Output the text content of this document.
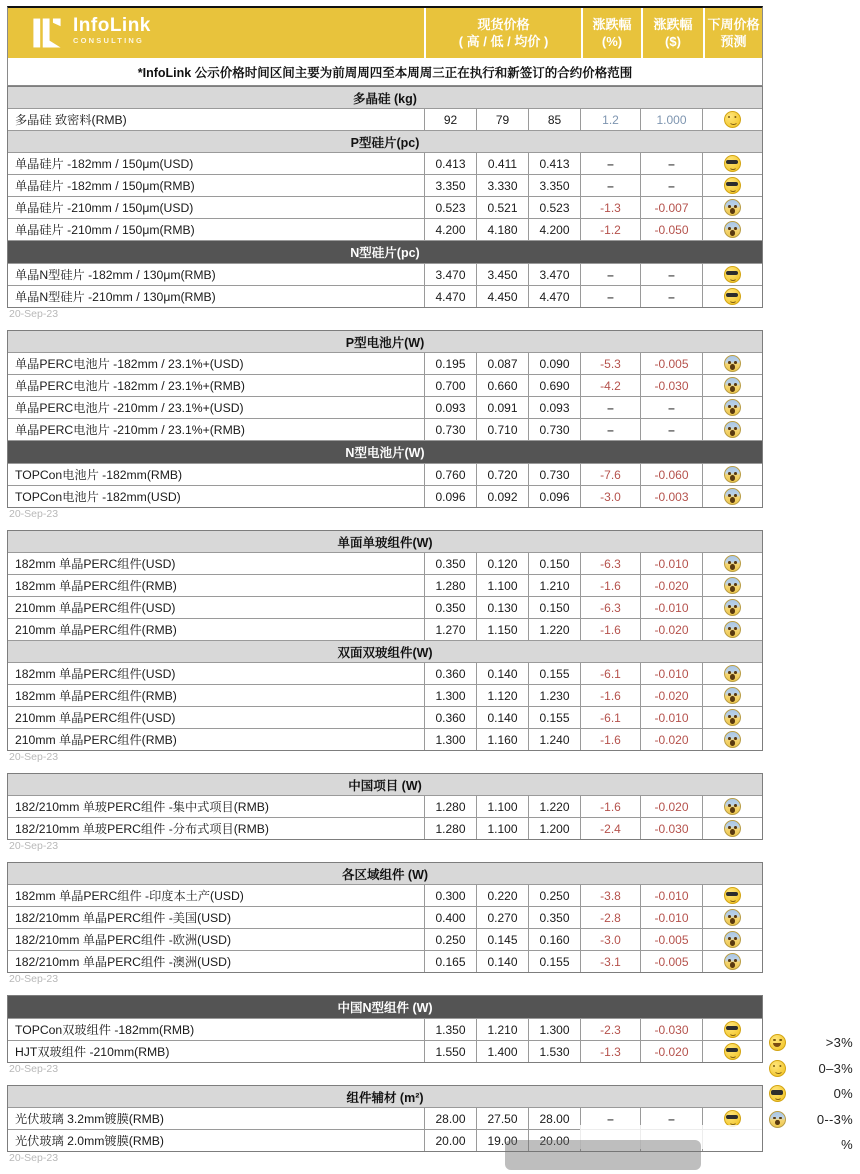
InfoLink
CONSULTING
现货价格
( 高 / 低 / 均价 )
涨跌幅
(%)
涨跌幅
($)
下周价格
预测
*InfoLink 公示价格时间区间主要为前周周四至本周周三正在执行和新签订的合约价格范围
多晶硅 (kg)
多晶硅 致密料(RMB)	92	79	85	1.2	1.000
P型硅片(pc)
单晶硅片 -182mm / 150μm(USD)	0.413	0.411	0.413	–	–
单晶硅片 -182mm / 150μm(RMB)	3.350	3.330	3.350	–	–
单晶硅片 -210mm / 150μm(USD)	0.523	0.521	0.523	-1.3	-0.007
单晶硅片 -210mm / 150μm(RMB)	4.200	4.180	4.200	-1.2	-0.050
N型硅片(pc)
单晶N型硅片 -182mm / 130μm(RMB)	3.470	3.450	3.470	–	–
单晶N型硅片 -210mm / 130μm(RMB)	4.470	4.450	4.470	–	–
20-Sep-23
P型电池片(W)
单晶PERC电池片 -182mm / 23.1%+(USD)	0.195	0.087	0.090	-5.3	-0.005
单晶PERC电池片 -182mm / 23.1%+(RMB)	0.700	0.660	0.690	-4.2	-0.030
单晶PERC电池片 -210mm / 23.1%+(USD)	0.093	0.091	0.093	–	–
单晶PERC电池片 -210mm / 23.1%+(RMB)	0.730	0.710	0.730	–	–
N型电池片(W)
TOPCon电池片 -182mm(RMB)	0.760	0.720	0.730	-7.6	-0.060
TOPCon电池片 -182mm(USD)	0.096	0.092	0.096	-3.0	-0.003
20-Sep-23
单面单玻组件(W)
182mm 单晶PERC组件(USD)	0.350	0.120	0.150	-6.3	-0.010
182mm 单晶PERC组件(RMB)	1.280	1.100	1.210	-1.6	-0.020
210mm 单晶PERC组件(USD)	0.350	0.130	0.150	-6.3	-0.010
210mm 单晶PERC组件(RMB)	1.270	1.150	1.220	-1.6	-0.020
双面双玻组件(W)
182mm 单晶PERC组件(USD)	0.360	0.140	0.155	-6.1	-0.010
182mm 单晶PERC组件(RMB)	1.300	1.120	1.230	-1.6	-0.020
210mm 单晶PERC组件(USD)	0.360	0.140	0.155	-6.1	-0.010
210mm 单晶PERC组件(RMB)	1.300	1.160	1.240	-1.6	-0.020
20-Sep-23
中国项目 (W)
182/210mm 单玻PERC组件 -集中式项目(RMB)	1.280	1.100	1.220	-1.6	-0.020
182/210mm 单玻PERC组件 -分布式项目(RMB)	1.280	1.100	1.200	-2.4	-0.030
20-Sep-23
各区域组件 (W)
182mm 单晶PERC组件 -印度本土产(USD)	0.300	0.220	0.250	-3.8	-0.010
182/210mm 单晶PERC组件 -美国(USD)	0.400	0.270	0.350	-2.8	-0.010
182/210mm 单晶PERC组件 -欧洲(USD)	0.250	0.145	0.160	-3.0	-0.005
182/210mm 单晶PERC组件 -澳洲(USD)	0.165	0.140	0.155	-3.1	-0.005
20-Sep-23
中国N型组件 (W)
TOPCon双玻组件 -182mm(RMB)	1.350	1.210	1.300	-2.3	-0.030
HJT双玻组件 -210mm(RMB)	1.550	1.400	1.530	-1.3	-0.020
20-Sep-23
组件辅材 (m²)
光伏玻璃 3.2mm镀膜(RMB)	28.00	27.50	28.00	–	–
光伏玻璃 2.0mm镀膜(RMB)	20.00	19.00	20.00
20-Sep-23
>3%
0–3%
0%
0--3%
%
